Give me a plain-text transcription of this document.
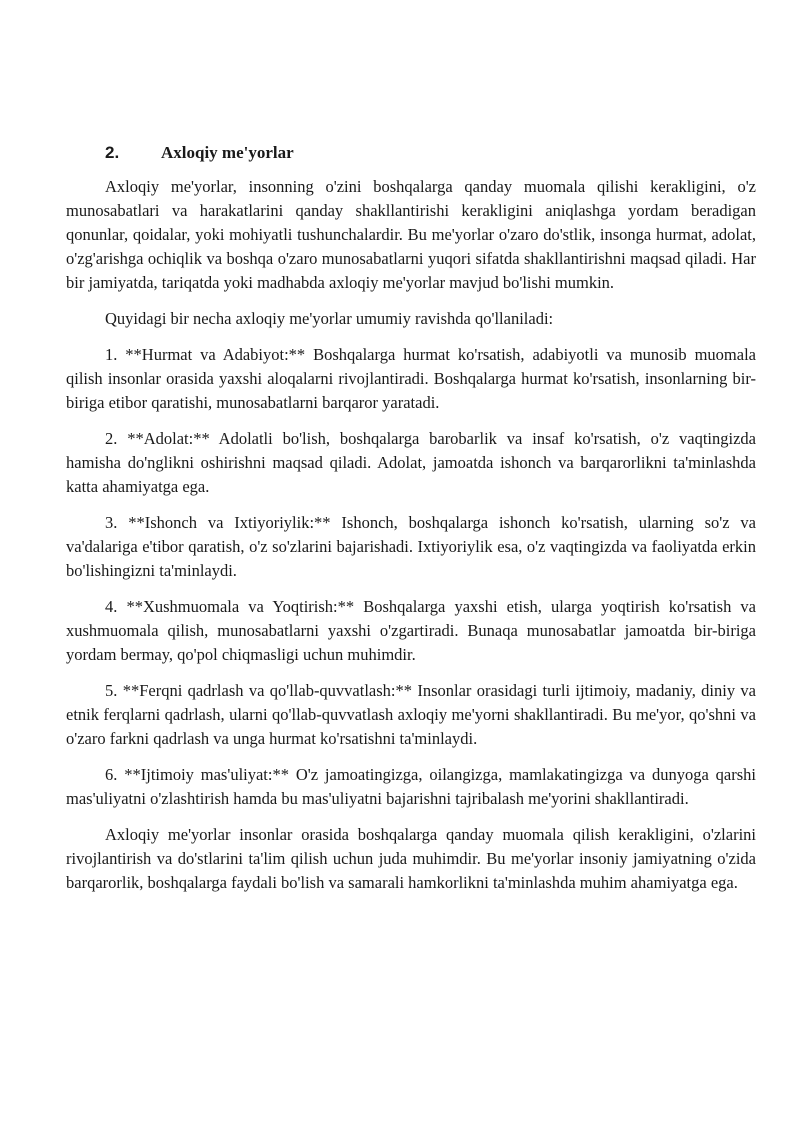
2.	Axloqiy me'yorlar

Axloqiy me'yorlar, insonning o'zini boshqalarga qanday muomala qilishi kerakligini, o'z munosabatlari va harakatlarini qanday shakllantirishi kerakligini aniqlashga yordam beradigan qonunlar, qoidalar, yoki mohiyatli tushunchalardir. Bu me'yorlar o'zaro do'stlik, insonga hurmat, adolat, o'zg'arishga ochiqlik va boshqa o'zaro munosabatlarni yuqori sifatda shakllantirishni maqsad qiladi. Har bir jamiyatda, tariqatda yoki madhabda axloqiy me'yorlar mavjud bo'lishi mumkin.

Quyidagi bir necha axloqiy me'yorlar umumiy ravishda qo'llaniladi:

1. **Hurmat va Adabiyot:** Boshqalarga hurmat ko'rsatish, adabiyotli va munosib muomala qilish insonlar orasida yaxshi aloqalarni rivojlantiradi. Boshqalarga hurmat ko'rsatish, insonlarning bir-biriga etibor qaratishi, munosabatlarni barqaror yaratadi.

2. **Adolat:** Adolatli bo'lish, boshqalarga barobarlik va insaf ko'rsatish, o'z vaqtingizda hamisha do'nglikni oshirishni maqsad qiladi. Adolat, jamoatda ishonch va barqarorlikni ta'minlashda katta ahamiyatga ega.

3. **Ishonch va Ixtiyoriylik:** Ishonch, boshqalarga ishonch ko'rsatish, ularning so'z va va'dalariga e'tibor qaratish, o'z so'zlarini bajarishadi. Ixtiyoriylik esa, o'z vaqtingizda va faoliyatda erkin bo'lishingizni ta'minlaydi.

4. **Xushmuomala va Yoqtirish:** Boshqalarga yaxshi etish, ularga yoqtirish ko'rsatish va xushmuomala qilish, munosabatlarni yaxshi o'zgartiradi. Bunaqa munosabatlar jamoatda bir-biriga yordam bermay, qo'pol chiqmasligi uchun muhimdir.

5. **Ferqni qadrlash va qo'llab-quvvatlash:** Insonlar orasidagi turli ijtimoiy, madaniy, diniy va etnik ferqlarni qadrlash, ularni qo'llab-quvvatlash axloqiy me'yorni shakllantiradi. Bu me'yor, qo'shni va o'zaro farkni qadrlash va unga hurmat ko'rsatishni ta'minlaydi.

6. **Ijtimoiy mas'uliyat:** O'z jamoatingizga, oilangizga, mamlakatingizga va dunyoga qarshi mas'uliyatni o'zlashtirish hamda bu mas'uliyatni bajarishni tajribalash me'yorini shakllantiradi.

Axloqiy me'yorlar insonlar orasida boshqalarga qanday muomala qilish kerakligini, o'zlarini rivojlantirish va do'stlarini ta'lim qilish uchun juda muhimdir. Bu me'yorlar insoniy jamiyatning o'zida barqarorlik, boshqalarga faydali bo'lish va samarali hamkorlikni ta'minlashda muhim ahamiyatga ega.
